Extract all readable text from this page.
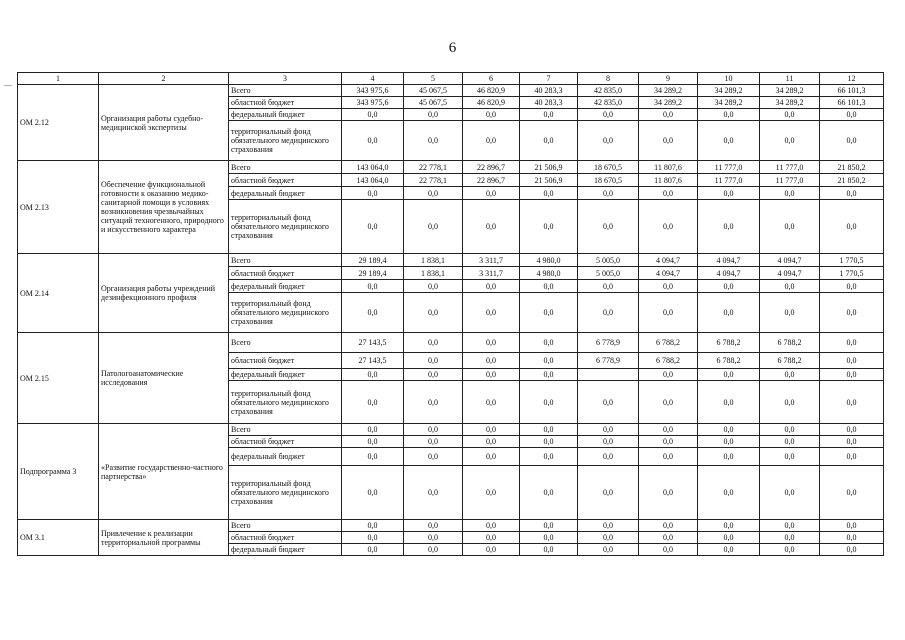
6
—
1	2	3	4	5	6	7	8	9	10	11	12
ОМ 2.12	Организация работы судебно-медицинской экспертизы	Всего	343 975,6	45 067,5	46 820,9	40 283,3	42 835,0	34 289,2	34 289,2	34 289,2	66 101,3
		областной бюджет	343 975,6	45 067,5	46 820,9	40 283,3	42 835,0	34 289,2	34 289,2	34 289,2	66 101,3
		федеральный бюджет	0,0	0,0	0,0	0,0	0,0	0,0	0,0	0,0	0,0
		территориальный фонд обязательного медицинского страхования	0,0	0,0	0,0	0,0	0,0	0,0	0,0	0,0	0,0
ОМ 2.13	Обеспечение функциональной готовности к оказанию медико-санитарной помощи в условиях возникновения чрезвычайных ситуаций техногенного, природного и искусственного характера	Всего	143 064,0	22 778,1	22 896,7	21 506,9	18 670,5	11 807,6	11 777,0	11 777,0	21 850,2
		областной бюджет	143 064,0	22 778,1	22 896,7	21 506,9	18 670,5	11 807,6	11 777,0	11 777,0	21 850,2
		федеральный бюджет	0,0	0,0	0,0	0,0	0,0	0,0	0,0	0,0	0,0
		территориальный фонд обязательного медицинского страхования	0,0	0,0	0,0	0,0	0,0	0,0	0,0	0,0	0,0
ОМ 2.14	Организация работы учреждений дезинфекционного профиля	Всего	29 189,4	1 838,1	3 311,7	4 980,0	5 005,0	4 094,7	4 094,7	4 094,7	1 770,5
		областной бюджет	29 189,4	1 838,1	3 311,7	4 980,0	5 005,0	4 094,7	4 094,7	4 094,7	1 770,5
		федеральный бюджет	0,0	0,0	0,0	0,0	0,0	0,0	0,0	0,0	0,0
		территориальный фонд обязательного медицинского страхования	0,0	0,0	0,0	0,0	0,0	0,0	0,0	0,0	0,0
ОМ 2.15	Патологоанатомические исследования	Всего	27 143,5	0,0	0,0	0,0	6 778,9	6 788,2	6 788,2	6 788,2	0,0
		областной бюджет	27 143,5	0,0	0,0	0,0	6 778,9	6 788,2	6 788,2	6 788,2	0,0
		федеральный бюджет	0,0	0,0	0,0	0,0		0,0	0,0	0,0	0,0
		территориальный фонд обязательного медицинского страхования	0,0	0,0	0,0	0,0	0,0	0,0	0,0	0,0	0,0
Подпрограмма 3	«Развитие государственно-частного партнерства»	Всего	0,0	0,0	0,0	0,0	0,0	0,0	0,0	0,0	0,0
		областной бюджет	0,0	0,0	0,0	0,0	0,0	0,0	0,0	0,0	0,0
		федеральный бюджет	0,0	0,0	0,0	0,0	0,0	0,0	0,0	0,0	0,0
		территориальный фонд обязательного медицинского страхования	0,0	0,0	0,0	0,0	0,0	0,0	0,0	0,0	0,0
ОМ 3.1	Привлечение к реализации территориальной программы	Всего	0,0	0,0	0,0	0,0	0,0	0,0	0,0	0,0	0,0
		областной бюджет	0,0	0,0	0,0	0,0	0,0	0,0	0,0	0,0	0,0
		федеральный бюджет	0,0	0,0	0,0	0,0	0,0	0,0	0,0	0,0	0,0
